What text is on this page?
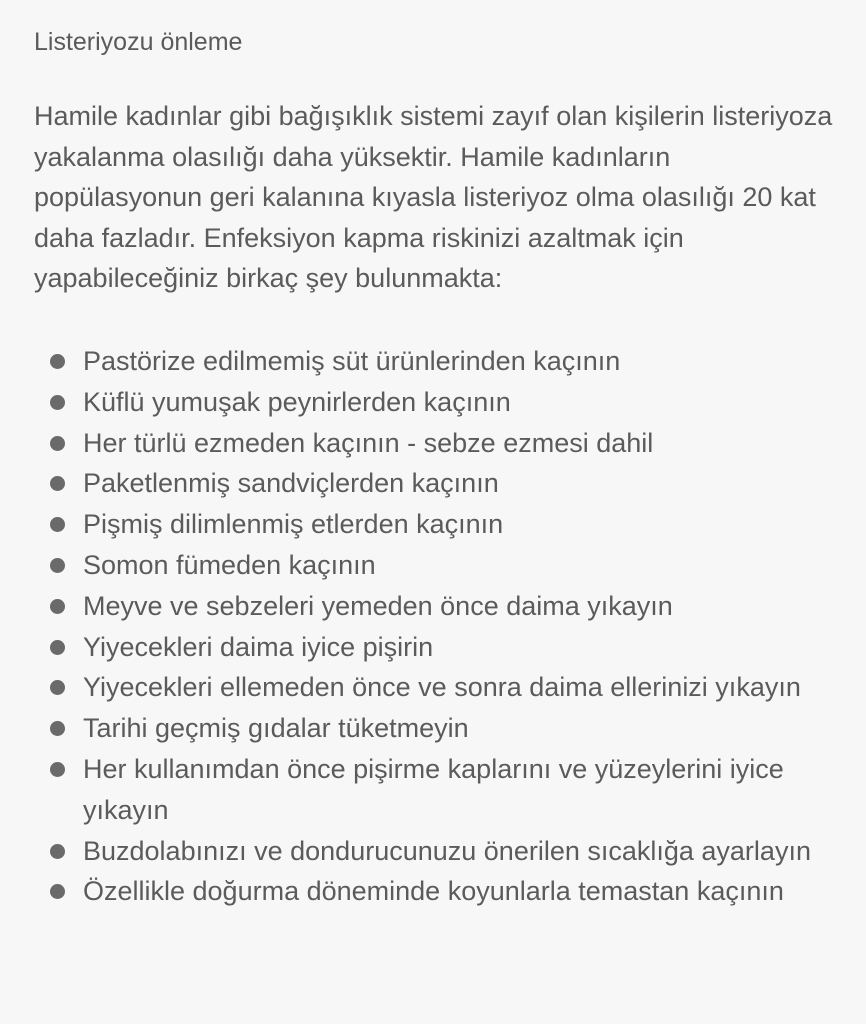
Listeriyozu önleme

Hamile kadınlar gibi bağışıklık sistemi zayıf olan kişilerin listeriyoza yakalanma olasılığı daha yüksektir. Hamile kadınların popülasyonun geri kalanına kıyasla listeriyoz olma olasılığı 20 kat daha fazladır. Enfeksiyon kapma riskinizi azaltmak için yapabileceğiniz birkaç şey bulunmakta:

Pastörize edilmemiş süt ürünlerinden kaçının
Küflü yumuşak peynirlerden kaçının
Her türlü ezmeden kaçının - sebze ezmesi dahil
Paketlenmiş sandviçlerden kaçının
Pişmiş dilimlenmiş etlerden kaçının
Somon fümeden kaçının
Meyve ve sebzeleri yemeden önce daima yıkayın
Yiyecekleri daima iyice pişirin
Yiyecekleri ellemeden önce ve sonra daima ellerinizi yıkayın
Tarihi geçmiş gıdalar tüketmeyin
Her kullanımdan önce pişirme kaplarını ve yüzeylerini iyice yıkayın
Buzdolabınızı ve dondurucunuzu önerilen sıcaklığa ayarlayın
Özellikle doğurma döneminde koyunlarla temastan kaçının
